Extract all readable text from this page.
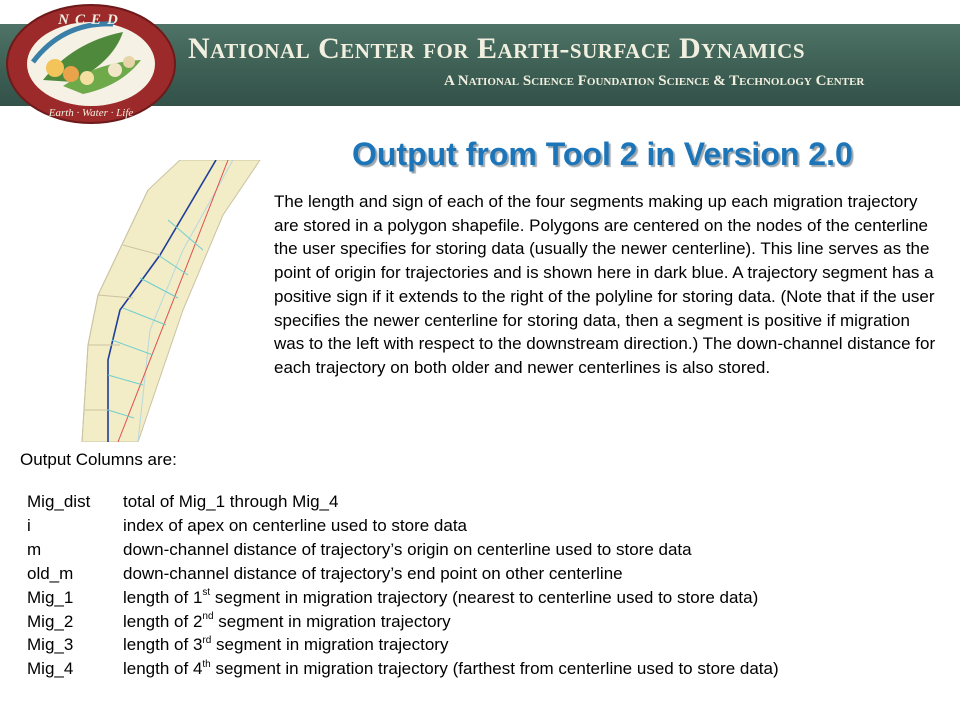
National Center for Earth-surface Dynamics
A National Science Foundation Science & Technology Center
NCED
Earth · Water · Life
Output from Tool 2 in Version 2.0
The length and sign of each of the four segments making up each migration trajectory are stored in a polygon shapefile. Polygons are centered on the nodes of the centerline the user specifies for storing data (usually the newer centerline). This line serves as the point of origin for trajectories and is shown here in dark blue. A trajectory segment has a positive sign if it extends to the right of the polyline for storing data. (Note that if the user specifies the newer centerline for storing data, then a segment is positive if migration was to the left with respect to the downstream direction.) The down-channel distance for each trajectory on both older and newer centerlines is also stored.
Output Columns are:
Mig_dist	total of Mig_1 through Mig_4
i	index of apex on centerline used to store data
m	down-channel distance of trajectory’s origin on centerline used to store data
old_m	down-channel distance of trajectory’s end point on other centerline
Mig_1	length of 1st segment in migration trajectory (nearest to centerline used to store data)
Mig_2	length of 2nd segment in migration trajectory
Mig_3	length of 3rd segment in migration trajectory
Mig_4	length of 4th segment in migration trajectory (farthest from centerline used to store data)
